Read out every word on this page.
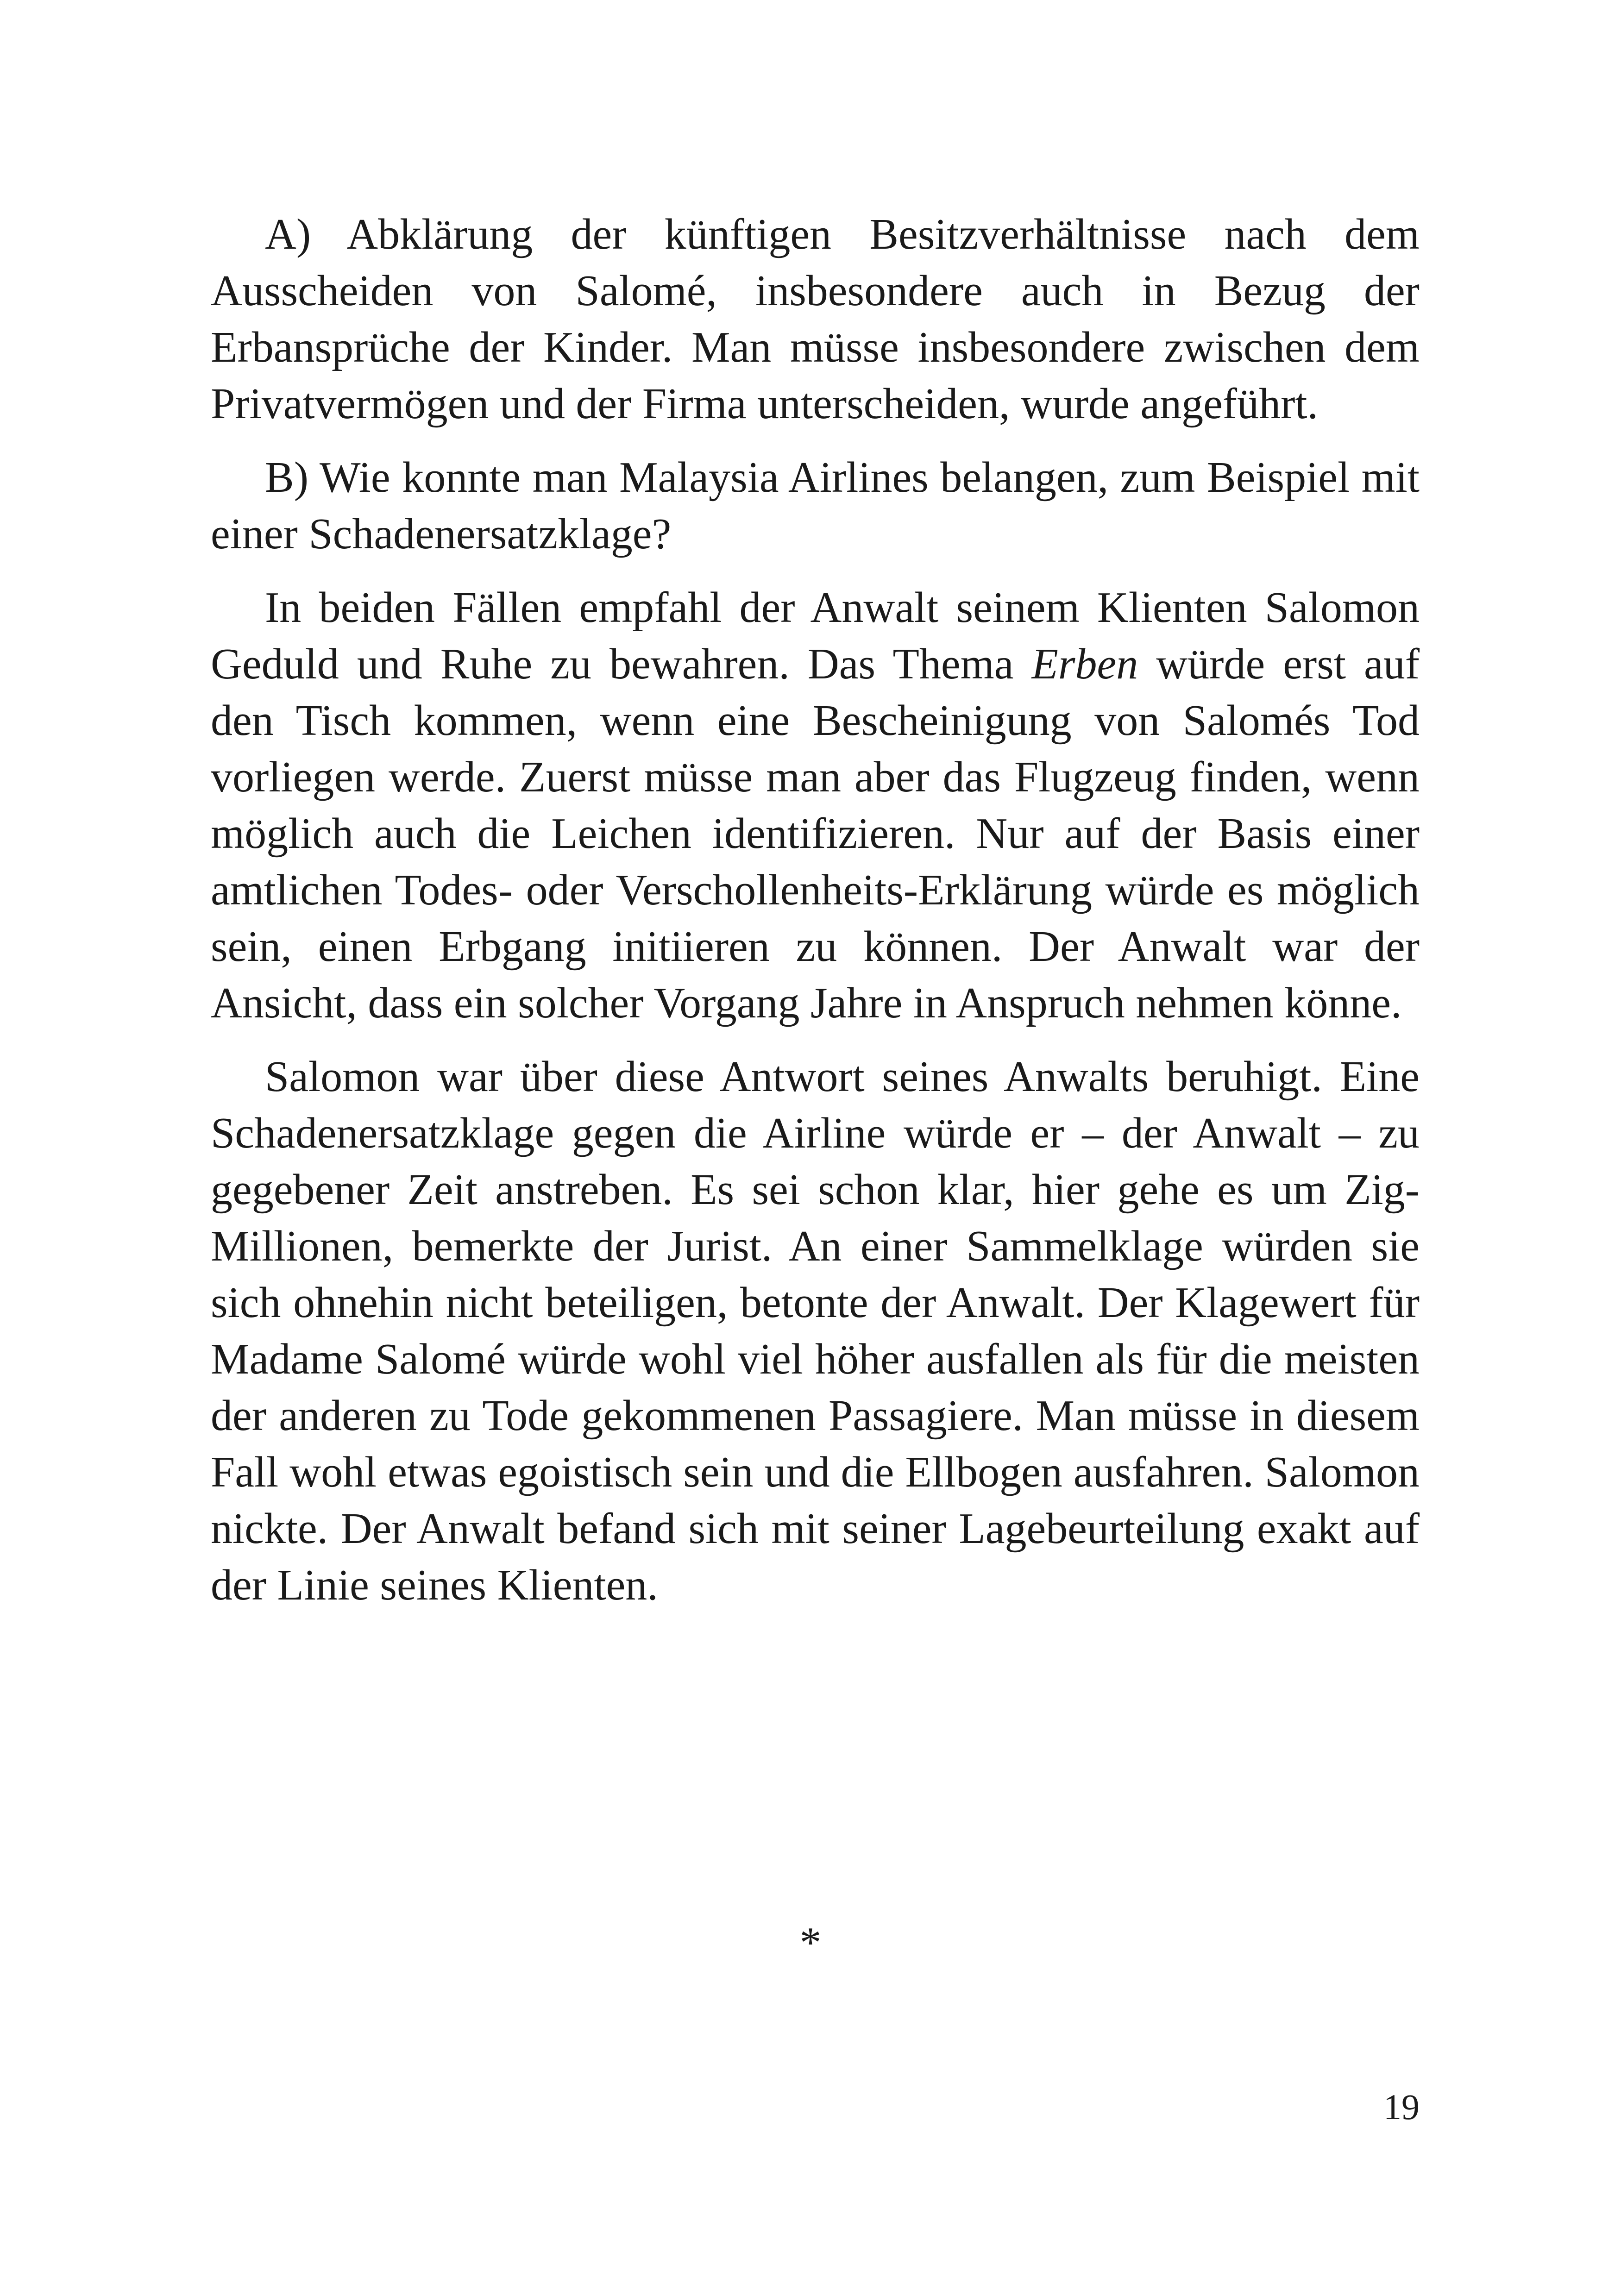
A) Abklärung der künftigen Besitzverhältnisse nach dem Ausscheiden von Salomé, insbesondere auch in Bezug der Erbansprüche der Kinder. Man müsse insbesondere zwischen dem Privatvermögen und der Firma unterscheiden, wurde angeführt.

B) Wie konnte man Malaysia Airlines belangen, zum Beispiel mit einer Schadenersatzklage?

In beiden Fällen empfahl der Anwalt seinem Klienten Salomon Geduld und Ruhe zu bewahren. Das Thema Erben würde erst auf den Tisch kommen, wenn eine Bescheinigung von Salomés Tod vorliegen werde. Zuerst müsse man aber das Flugzeug finden, wenn möglich auch die Leichen identifizieren. Nur auf der Basis einer amtlichen Todes- oder Verschollenheits-Erklärung würde es möglich sein, einen Erbgang initiieren zu können. Der Anwalt war der Ansicht, dass ein solcher Vorgang Jahre in Anspruch nehmen könne.

Salomon war über diese Antwort seines Anwalts beruhigt. Eine Schadenersatzklage gegen die Airline würde er – der Anwalt – zu gegebener Zeit anstreben. Es sei schon klar, hier gehe es um Zig-Millionen, bemerkte der Jurist. An einer Sammelklage würden sie sich ohnehin nicht beteiligen, betonte der Anwalt. Der Klagewert für Madame Salomé würde wohl viel höher ausfallen als für die meisten der anderen zu Tode gekommenen Passagiere. Man müsse in diesem Fall wohl etwas egoistisch sein und die Ellbogen ausfahren. Salomon nickte. Der Anwalt befand sich mit seiner Lagebeurteilung exakt auf der Linie seines Klienten.

*
19
